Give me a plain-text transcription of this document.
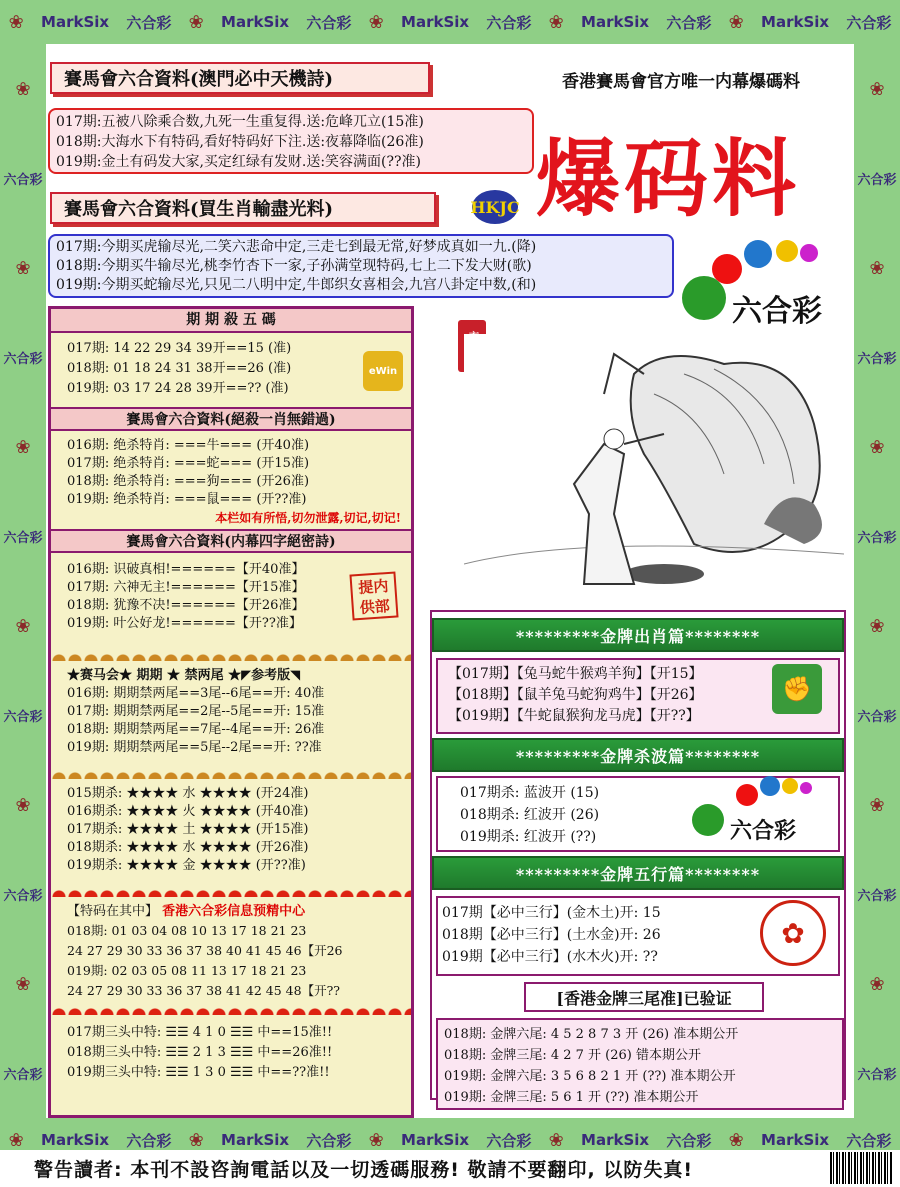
❀ MarkSix 六合彩 ❀ MarkSix 六合彩 ❀ MarkSix 六合彩 ❀ MarkSix 六合彩 ❀ MarkSix 六合彩
❀
六合彩
❀
六合彩
❀
六合彩
❀
六合彩
❀
六合彩
❀
六合彩
❀
六合彩
❀
六合彩
❀
六合彩
❀
六合彩
❀
六合彩
❀
六合彩
賽馬會六合資料(澳門必中天機詩)	香港賽馬會官方唯一内幕爆碼料
017期:五被八除乘合数,九死一生重复得.送:危峰兀立(15准)
018期:大海水下有特码,看好特码好下注.送:夜幕降临(26准)
019期:金土有码发大家,买定红绿有发财.送:笑容满面(??准)	爆码料
賽馬會六合資料(買生肖輸盡光料)	HKJC
017期:今期买虎输尽光,二笑六悲命中定,三走七到最无常,好梦成真如一九.(降)
018期:今期买牛输尽光,桃李竹杏下一家,子孙满堂现特码,七上二下发大财(歌)
019期:今期买蛇输尽光,只见二八明中定,牛郎织女喜相会,九宫八卦定中数,(和)
六合彩
期 期 殺 五 碼
017期: 14 22 29 34 39开==15 (准)
018期: 01 18 24 31 38开==26 (准)
019期: 03 17 24 28 39开==?? (准)
eWin
賽馬會六合資料(絕殺一肖無錯過)
016期: 绝杀特肖: ===牛=== (开40准)
017期: 绝杀特肖: ===蛇=== (开15准)
018期: 绝杀特肖: ===狗=== (开26准)
019期: 绝杀特肖: ===鼠=== (开??准)
本栏如有所悟,切勿泄露,切记,切记!
賽馬會六合資料(内幕四字絕密詩)
016期: 识破真相!======【开40准】
017期: 六神无主!======【开15准】
018期: 犹豫不决!======【开26准】
019期: 叶公好龙!======【开??准】
提内供部
★赛马会★ 期期 ★ 禁两尾 ★◤参考版◥
016期: 期期禁两尾==3尾--6尾==开: 40准
017期: 期期禁两尾==2尾--5尾==开: 15准
018期: 期期禁两尾==7尾--4尾==开: 26准
019期: 期期禁两尾==5尾--2尾==开: ??准
015期杀: ★★★★ 水 ★★★★ (开24准)
016期杀: ★★★★ 火 ★★★★ (开40准)
017期杀: ★★★★ 土 ★★★★ (开15准)
018期杀: ★★★★ 水 ★★★★ (开26准)
019期杀: ★★★★ 金 ★★★★ (开??准)
【特码在其中】 香港六合彩信息预精中心
018期: 01 03 04 08 10 13 17 18 21 23
24 27 29 30 33 36 37 38 40 41 45 46【开26
019期: 02 03 05 08 11 13 17 18 21 23
24 27 29 30 33 36 37 38 41 42 45 48【开??
017期三头中特: ☰☰ 4 1 0 ☰☰ 中==15准!!
018期三头中特: ☰☰ 2 1 3 ☰☰ 中==26准!!
019期三头中特: ☰☰ 1 3 0 ☰☰ 中==??准!!
玄機圖
*********金牌出肖篇********
【017期】【兔马蛇牛猴鸡羊狗】【开15】
【018期】【鼠羊兔马蛇狗鸡牛】【开26】
【019期】【牛蛇鼠猴狗龙马虎】【开??】
✊
*********金牌杀波篇********
017期杀: 蓝波开 (15)
018期杀: 红波开 (26)
019期杀: 红波开 (??)	六合彩
*********金牌五行篇********
017期【必中三行】(金木土)开: 15
018期【必中三行】(土水金)开: 26
019期【必中三行】(水木火)开: ??
✿
[香港金牌三尾准]已验证
018期: 金牌六尾: 4 5 2 8 7 3 开 (26) 准本期公开
018期: 金牌三尾: 4 2 7 开 (26) 错本期公开
019期: 金牌六尾: 3 5 6 8 2 1 开 (??) 准本期公开
019期: 金牌三尾: 5 6 1 开 (??) 准本期公开
❀ MarkSix 六合彩 ❀ MarkSix 六合彩 ❀ MarkSix 六合彩 ❀ MarkSix 六合彩 ❀ MarkSix 六合彩
警告讀者: 本刊不設咨詢電話以及一切透碼服務! 敬請不要翻印, 以防失真!
